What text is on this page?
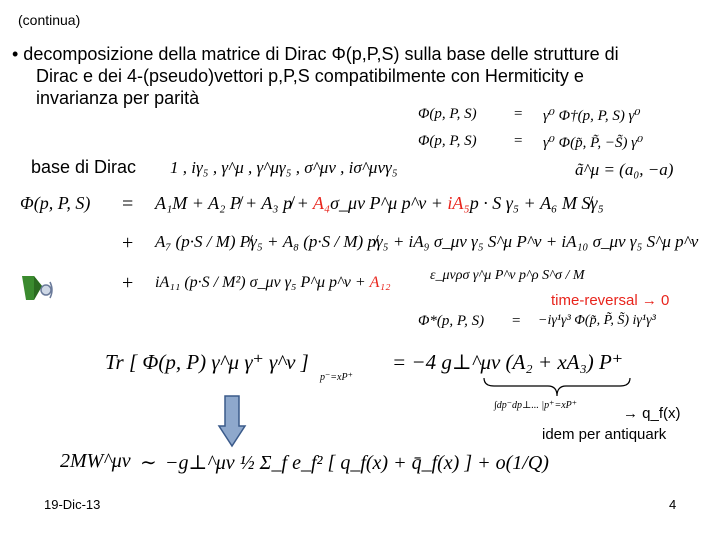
(continua)
• decomposizione della matrice di Dirac Φ(p,P,S) sulla base delle strutture di
Dirac e dei 4-(pseudo)vettori p,P,S compatibilmente con Hermiticity e
invarianza per parità
Φ(p, P, S) = γ⁰ Φ†(p, P, S) γ⁰
Φ(p, P, S) = γ⁰ Φ(p̃, P̃, −S̃) γ⁰
base di Dirac 1 , iγ₅ , γ^μ , γ^μγ₅ , σ^μν , iσ^μνγ₅	ã^μ = (a₀, −a)
Φ(p, P, S) = A₁M + A₂ P̸ + A₃ p̸ + A₄σ_μν P^μ p^ν + iA₅p · S γ₅ + A₆ M S̸γ₅
+ A₇ (p·S / M) P̸γ₅ + A₈ (p·S / M) p̸γ₅ + iA₉ σ_μν γ₅ S^μ P^ν + iA₁₀ σ_μν γ₅ S^μ p^ν
+ iA₁₁ (p·S / M²) σ_μν γ₅ P^μ p^ν + A₁₂	ε_μνρσ γ^μ P^ν p^ρ S^σ / M
time-reversal → 0
Φ*(p, P, S) = −iγ¹γ³ Φ(p̃, P̃, S̃) iγ¹γ³
Tr [ Φ(p, P) γ^μ γ⁺ γ^ν ]
p⁻=xP⁺
= −4 g⊥^μν (A₂ + xA₃) P⁺
∫dp⁻dp⊥... |p⁺=xP⁺	→ q_f(x)
idem per antiquark
2MW^μν ∼ −g⊥^μν ½ Σ_f e_f² [ q_f(x) + q̄_f(x) ] + o(1/Q)
19-Dic-13	4
